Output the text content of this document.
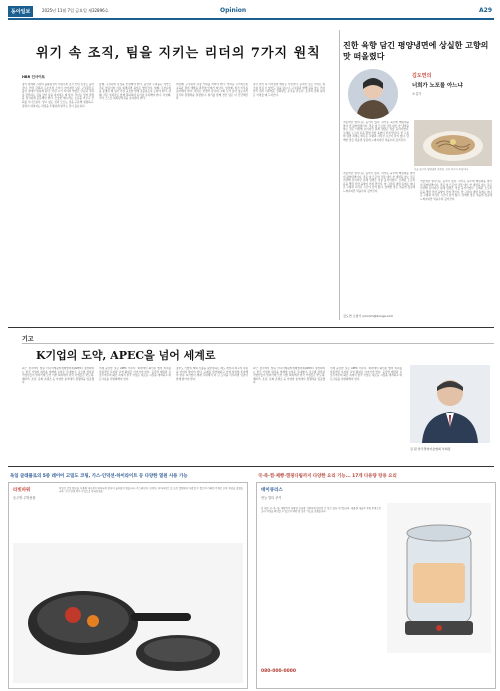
동아일보	2025년 11월 7일 금요일 제32896호	Opinion	A29
위기 속 조직, 팀을 지키는 리더의 7가지 원칙
HBR 인사이트
경기 침체와 시장의 불확실성이 커질수록 조직 안의 긴장도 높아진다. 인력 감축과 구조조정 소식이 이어지면 남은 구성원들은 불안 속에서 일하게 된다. 이런 시기 리더의 역할은 단순히 성과를 관리하는 것을 넘어 팀을 지켜내는 데 있다. 리더는 먼저 상황을 정직하게 공유해야 한다. 모호한 메시지는 소문을 키우고 신뢰를 무너뜨린다. 알고 있는 것과 모르는 것을 구분해 설명하고, 결정이 내려지는 과정을 투명하게 알리는 것이 중요하다.
둘째, 구성원의 감정을 인정해야 한다. 불안과 두려움은 자연스러운 반응이며 이를 외면하면 몰입은 떨어진다. 셋째, 우선순위를 분명히 해 팀이 가장 중요한 일에 집중하도록 도와야 한다. 넷째, 작은 성과라도 함께 축하하며 동기를 유지해야 한다. 다섯째, 리더 스스로 회복탄력성을 보여줘야 한다.
여섯째, 구성원의 성장 기회를 지켜야 한다. 어려운 시기일수록 교육과 경력 개발을 멈추면 인재가 떠난다. 일곱째, 위기 이후를 준비해야 한다. 위기는 언젠가 끝나며 그때 누가 남아 있는지가 조직의 경쟁력을 결정한다. 위기를 함께 견딘 팀은 더 단단해진다.
결국 위기 속 리더십의 핵심은 사람이다. 숫자만 보는 리더는 위기를 넘길 수 있어도 팀을 잃는다. 구성원과 함께 길을 찾는 리더만이 위기 이후에도 신뢰받는 조직을 만든다. 조직의 진짜 실력은 어려울 때 드러난다.
진한 육향 담긴 평양냉면에 상실한 고향의 맛 떠올렸다
김도연의
너희가 노포를 아느냐
소설가
겨울이면 생각나는 음식이 있다. 차가운 육수에 메밀면을 말아 낸 평양냉면이다. 추운 날 뜨끈한 국물 대신 찬 냉면을 찾는 것은 이상해 보이지만 원래 냉면은 겨울 음식이었다. 오래된 노포의 문을 열면 진한 육향이 먼저 반긴다. 한 그릇의 냉면 속에는 떠나온 고향과 사라진 시간이 담겨 있다. 담백한 맛은 처음엔 싱겁게 느껴지지만 먹을수록 깊어진다.
서울 중구의 평양냉면 전문점. 진한 육수가 특징이다.
겨울이면 생각나는 음식이 있다. 차가운 육수에 메밀면을 말아 낸 평양냉면이다. 추운 날 뜨끈한 국물 대신 찬 냉면을 찾는 것은 이상해 보이지만 원래 냉면은 겨울 음식이었다. 오래된 노포의 문을 열면 진한 육향이 먼저 반긴다. 한 그릇의 냉면 속에는 떠나온 고향과 사라진 시간이 담겨 있다. 담백한 맛은 처음엔 싱겁게 느껴지지만 먹을수록 깊어진다.
겨울이면 생각나는 음식이 있다. 차가운 육수에 메밀면을 말아 낸 평양냉면이다. 추운 날 뜨끈한 국물 대신 찬 냉면을 찾는 것은 이상해 보이지만 원래 냉면은 겨울 음식이었다. 오래된 노포의 문을 열면 진한 육향이 먼저 반긴다. 한 그릇의 냉면 속에는 떠나온 고향과 사라진 시간이 담겨 있다. 담백한 맛은 처음엔 싱겁게 느껴지지만 먹을수록 깊어진다.
김도연 소설가 ymcom@donga.com
기고
K기업의 도약, APEC을 넘어 세계로
최근 경주에서 열린 아시아태평양경제협력체(APEC) 정상회의는 한국 기업의 위상을 세계에 보여준 무대였다. 글로벌 정상과 기업인들이 한자리에 모인 이번 회의에서 한국 기업들은 반도체, 배터리, 조선, 문화 콘텐츠 등 다양한 분야에서 경쟁력을 입증했다.
이제 중요한 것은 APEC 이후다. 회의에서 확인된 협력 의지를 실질적인 투자와 교역 확대로 이어가야 한다. 공급망 재편과 보호무역주의 확산 속에서 한국 기업은 새로운 시장을 개척하고 파트너십을 다변화해야 한다.
정부도 기업의 해외 진출을 뒷받침하는 제도 개선과 외교적 지원을 아끼지 말아야 한다. 규제를 합리화하고 인재 양성에 투자해야 한다. K기업이 세계 무대에서 더 큰 도약을 이루려면 민관이 함께 뛰어야 한다.
최근 경주에서 열린 아시아태평양경제협력체(APEC) 정상회의는 한국 기업의 위상을 세계에 보여준 무대였다. 글로벌 정상과 기업인들이 한자리에 모인 이번 회의에서 한국 기업들은 반도체, 배터리, 조선, 문화 콘텐츠 등 다양한 분야에서 경쟁력을 입증했다.
이제 중요한 것은 APEC 이후다. 회의에서 확인된 협력 의지를 실질적인 투자와 교역 확대로 이어가야 한다. 공급망 재편과 보호무역주의 확산 속에서 한국 기업은 새로운 시장을 개척하고 파트너십을 다변화해야 한다.
김 원 한국경영자총협회 부회장
독일 글래플로의 5중 레이어 고밀도 코팅, 가스·인덕션·하이라이트 등 다양한 열원 사용 가능	국·죽·찜·제빵·캠핑다림까지 다양한 요리 기능... 17개 다용량 탕용 요리
라빗파워
동주방 주방용품
독일산 코팅 원단을 사용해 내구성이 뛰어나며 음식이 눌어붙지 않습니다. 가스레인지, 인덕션, 하이라이트 등 모든 열원에서 사용할 수 있으며 가벼운 무게로 손목 부담을 줄였습니다. 기간 한정 특가 구성으로 만나보세요.	데이큐리스
만능 멀티 쿠커
한 대로 국, 죽, 찜, 제빵까지 다양한 요리를 간편하게 완성할 수 있는 멀티 쿠커입니다. 대용량 내솥과 투명 뚜껑으로 조리 과정을 확인할 수 있으며 예약 및 보온 기능을 갖췄습니다.
080-000-0000
